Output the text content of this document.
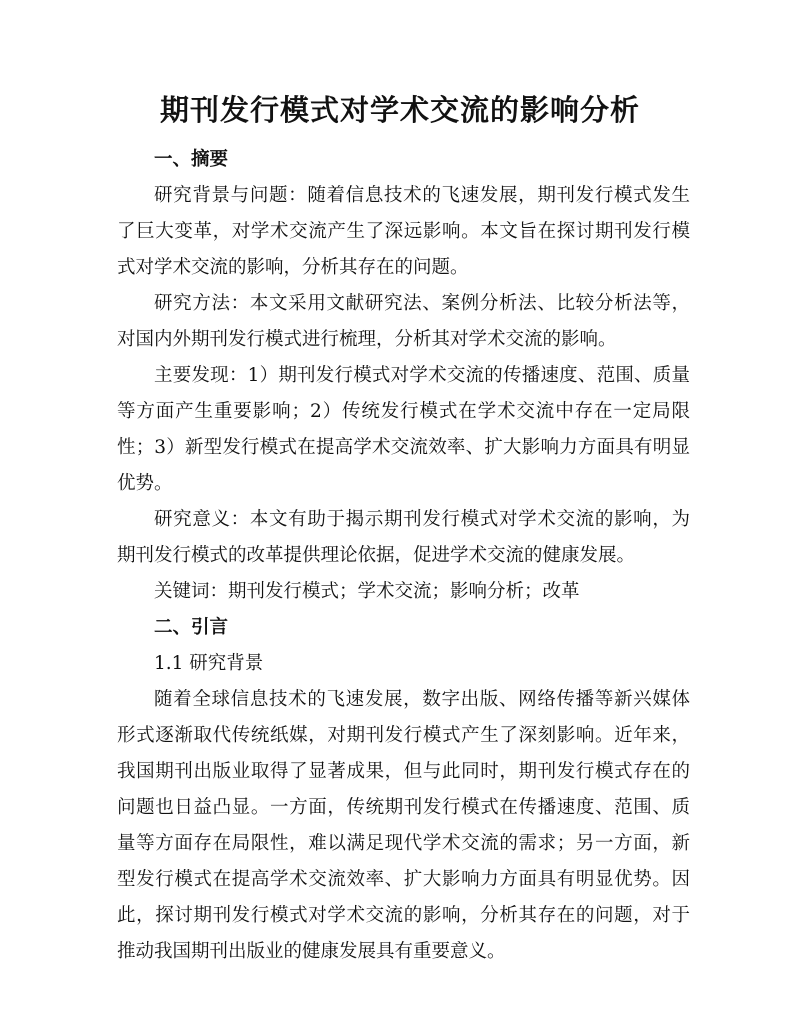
期刊发行模式对学术交流的影响分析
一、摘要

研究背景与问题：随着信息技术的飞速发展，期刊发行模式发生了巨大变革，对学术交流产生了深远影响。本文旨在探讨期刊发行模式对学术交流的影响，分析其存在的问题。

研究方法：本文采用文献研究法、案例分析法、比较分析法等，对国内外期刊发行模式进行梳理，分析其对学术交流的影响。

主要发现：1）期刊发行模式对学术交流的传播速度、范围、质量等方面产生重要影响；2）传统发行模式在学术交流中存在一定局限性；3）新型发行模式在提高学术交流效率、扩大影响力方面具有明显优势。

研究意义：本文有助于揭示期刊发行模式对学术交流的影响，为期刊发行模式的改革提供理论依据，促进学术交流的健康发展。

关键词：期刊发行模式；学术交流；影响分析；改革

二、引言

1.1 研究背景

随着全球信息技术的飞速发展，数字出版、网络传播等新兴媒体形式逐渐取代传统纸媒，对期刊发行模式产生了深刻影响。近年来，我国期刊出版业取得了显著成果，但与此同时，期刊发行模式存在的问题也日益凸显。一方面，传统期刊发行模式在传播速度、范围、质量等方面存在局限性，难以满足现代学术交流的需求；另一方面，新型发行模式在提高学术交流效率、扩大影响力方面具有明显优势。因此，探讨期刊发行模式对学术交流的影响，分析其存在的问题，对于推动我国期刊出版业的健康发展具有重要意义。
